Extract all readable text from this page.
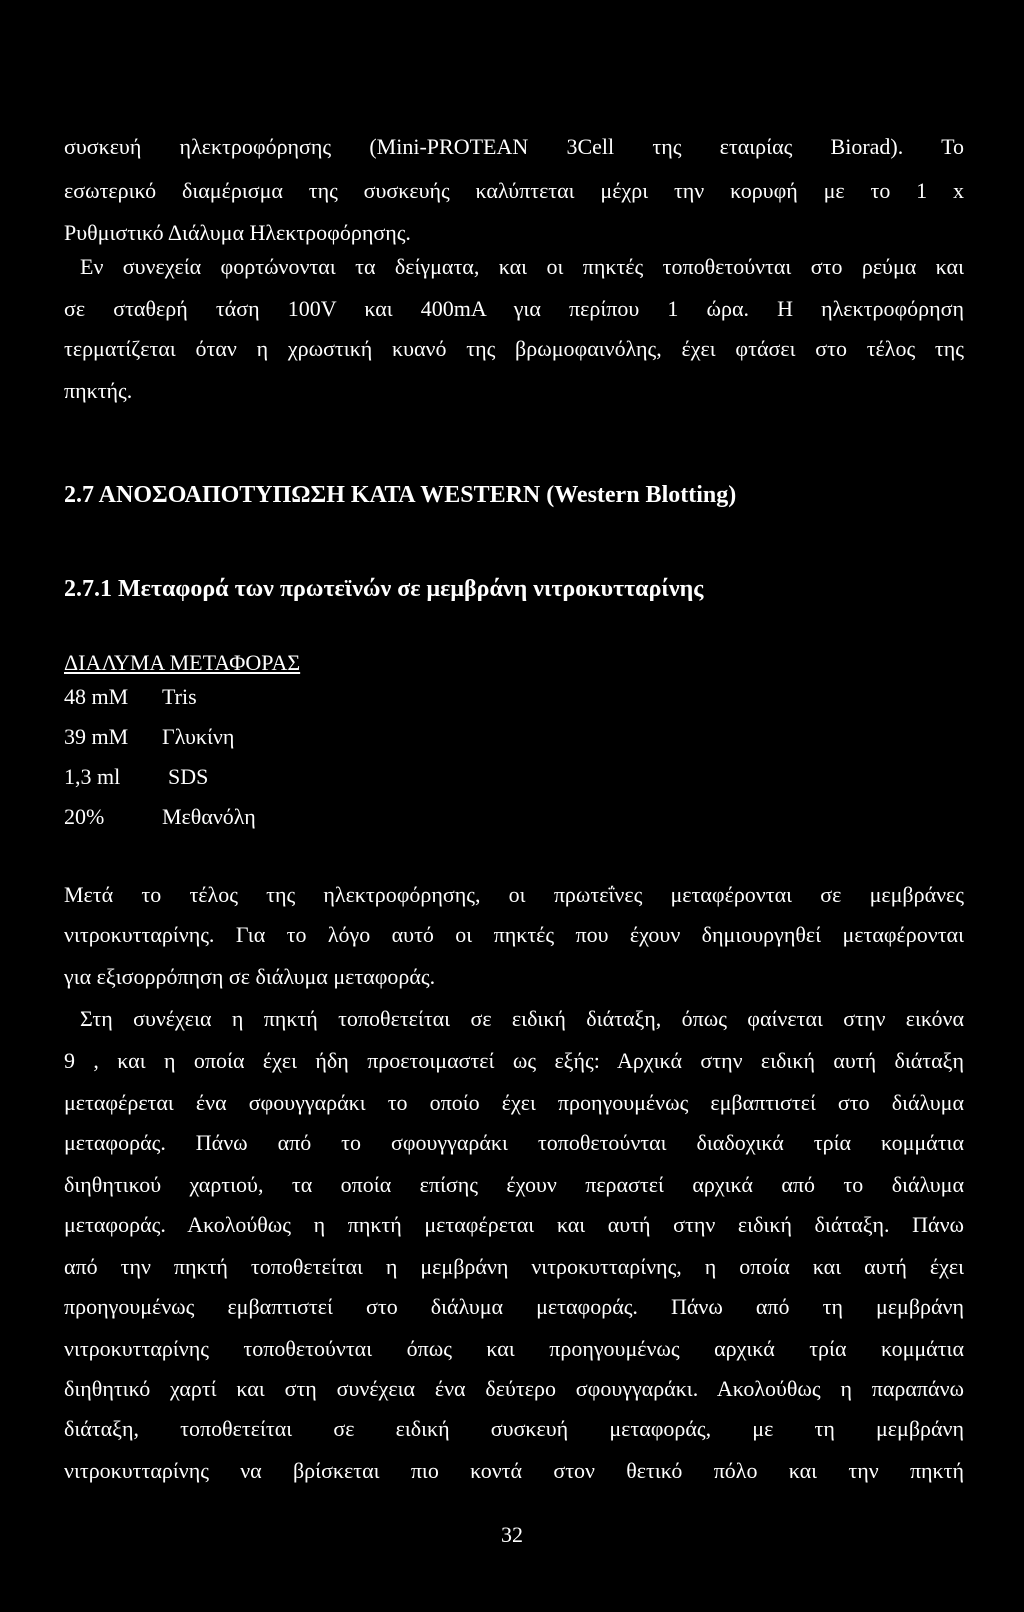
συσκευή ηλεκτροφόρησης (Mini-PROTEAN 3Cell της εταιρίας Biorad). Το
εσωτερικό διαμέρισμα της συσκευής καλύπτεται μέχρι την κορυφή με το 1 x
Ρυθμιστικό Διάλυμα Ηλεκτροφόρησης.
Εν συνεχεία φορτώνονται τα δείγματα, και οι πηκτές τοποθετούνται στο ρεύμα και
σε σταθερή τάση 100V και 400mA για περίπου 1 ώρα. Η ηλεκτροφόρηση
τερματίζεται όταν η χρωστική κυανό της βρωμοφαινόλης, έχει φτάσει στο τέλος της
πηκτής.
2.7 ΑΝΟΣΟΑΠΟΤΥΠΩΣΗ ΚΑΤΑ WESTERN (Western Blotting)
2.7.1 Μεταφορά των πρωτεϊνών σε μεμβράνη νιτροκυτταρίνης
ΔΙΑΛΥΜΑ ΜΕΤΑΦΟΡΑΣ
48 mM Tris
39 mM Γλυκίνη
1,3 ml SDS
20%	Μεθανόλη
Μετά το τέλος της ηλεκτροφόρησης, οι πρωτεΐνες μεταφέρονται σε μεμβράνες
νιτροκυτταρίνης. Για το λόγο αυτό οι πηκτές που έχουν δημιουργηθεί μεταφέρονται
για εξισορρόπηση σε διάλυμα μεταφοράς.
Στη συνέχεια η πηκτή τοποθετείται σε ειδική διάταξη, όπως φαίνεται στην εικόνα
9 , και η οποία έχει ήδη προετοιμαστεί ως εξής: Αρχικά στην ειδική αυτή διάταξη
μεταφέρεται ένα σφουγγαράκι το οποίο έχει προηγουμένως εμβαπτιστεί στο διάλυμα
μεταφοράς. Πάνω από το σφουγγαράκι τοποθετούνται διαδοχικά τρία κομμάτια
διηθητικού χαρτιού, τα οποία επίσης έχουν περαστεί αρχικά από το διάλυμα
μεταφοράς. Ακολούθως η πηκτή μεταφέρεται και αυτή στην ειδική διάταξη. Πάνω
από την πηκτή τοποθετείται η μεμβράνη νιτροκυτταρίνης, η οποία και αυτή έχει
προηγουμένως εμβαπτιστεί στο διάλυμα μεταφοράς. Πάνω από τη μεμβράνη
νιτροκυτταρίνης τοποθετούνται όπως και προηγουμένως αρχικά τρία κομμάτια
διηθητικό χαρτί και στη συνέχεια ένα δεύτερο σφουγγαράκι. Ακολούθως η παραπάνω
διάταξη, τοποθετείται σε ειδική συσκευή μεταφοράς, με τη μεμβράνη
νιτροκυτταρίνης να βρίσκεται πιο κοντά στον θετικό πόλο και την πηκτή
32
